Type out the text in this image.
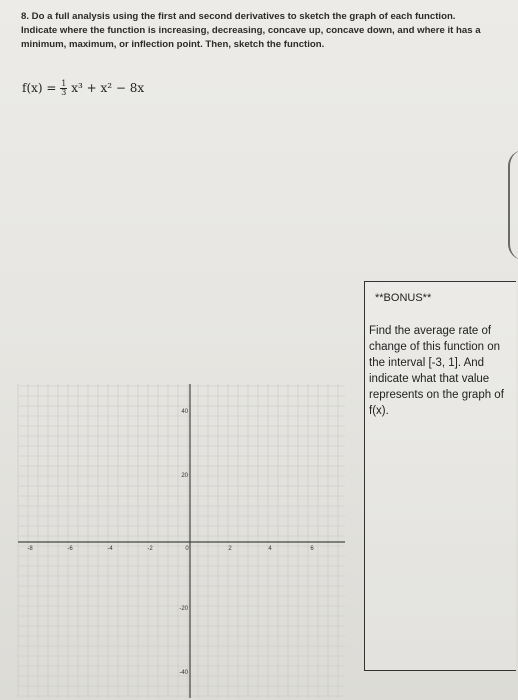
8. Do a full analysis using the first and second derivatives to sketch the graph of each function. Indicate where the function is increasing, decreasing, concave up, concave down, and where it has a minimum, maximum, or inflection point. Then, sketch the function.
$f(x) = \frac{1}{3} x^3 + x^2 - 8x$
**BONUS**
Find the average rate of change of this function on the interval [-3, 1]. And indicate what that value represents on the graph of f(x).
-8	-6	-4	-2	0	2	4	6
40
20
-20
-40
